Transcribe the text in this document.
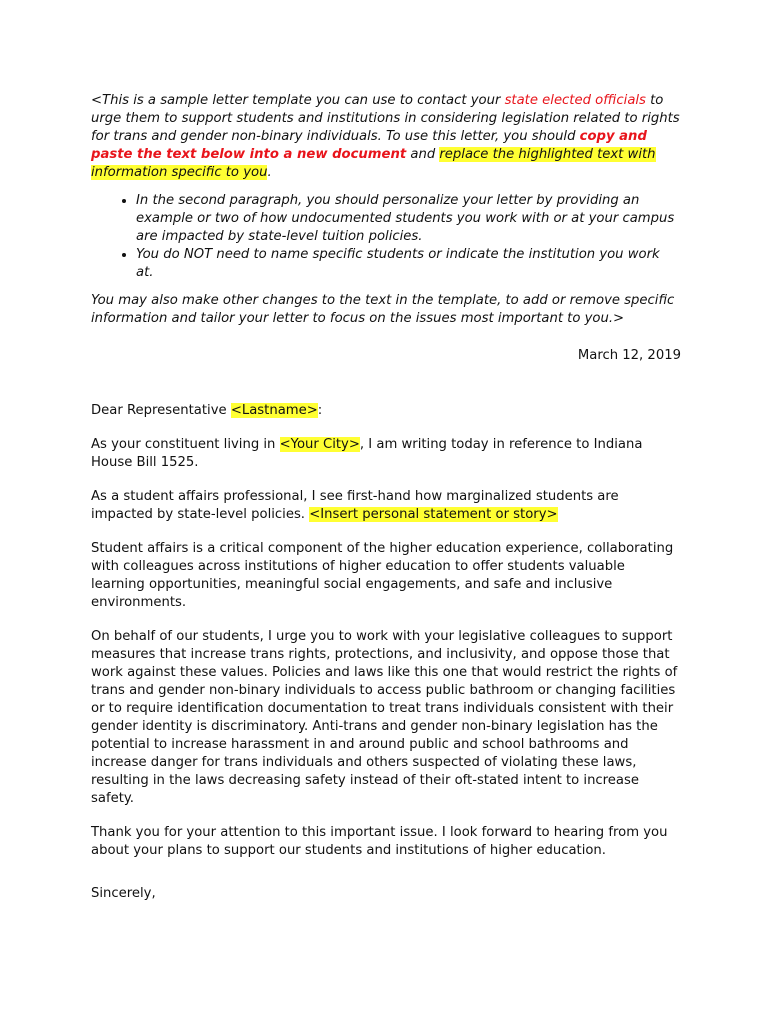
<This is a sample letter template you can use to contact your state elected officials to urge them to support students and institutions in considering legislation related to rights for trans and gender non-binary individuals. To use this letter, you should copy and paste the text below into a new document and replace the highlighted text with information specific to you.

• In the second paragraph, you should personalize your letter by providing an example or two of how undocumented students you work with or at your campus are impacted by state-level tuition policies.
• You do NOT need to name specific students or indicate the institution you work at.

You may also make other changes to the text in the template, to add or remove specific information and tailor your letter to focus on the issues most important to you.>

March 12, 2019

Dear Representative <Lastname>:

As your constituent living in <Your City>, I am writing today in reference to Indiana House Bill 1525.

As a student affairs professional, I see first-hand how marginalized students are impacted by state-level policies. <Insert personal statement or story>

Student affairs is a critical component of the higher education experience, collaborating with colleagues across institutions of higher education to offer students valuable learning opportunities, meaningful social engagements, and safe and inclusive environments.

On behalf of our students, I urge you to work with your legislative colleagues to support measures that increase trans rights, protections, and inclusivity, and oppose those that work against these values. Policies and laws like this one that would restrict the rights of trans and gender non-binary individuals to access public bathroom or changing facilities or to require identification documentation to treat trans individuals consistent with their gender identity is discriminatory. Anti-trans and gender non-binary legislation has the potential to increase harassment in and around public and school bathrooms and increase danger for trans individuals and others suspected of violating these laws, resulting in the laws decreasing safety instead of their oft-stated intent to increase safety.

Thank you for your attention to this important issue. I look forward to hearing from you about your plans to support our students and institutions of higher education.

Sincerely,
